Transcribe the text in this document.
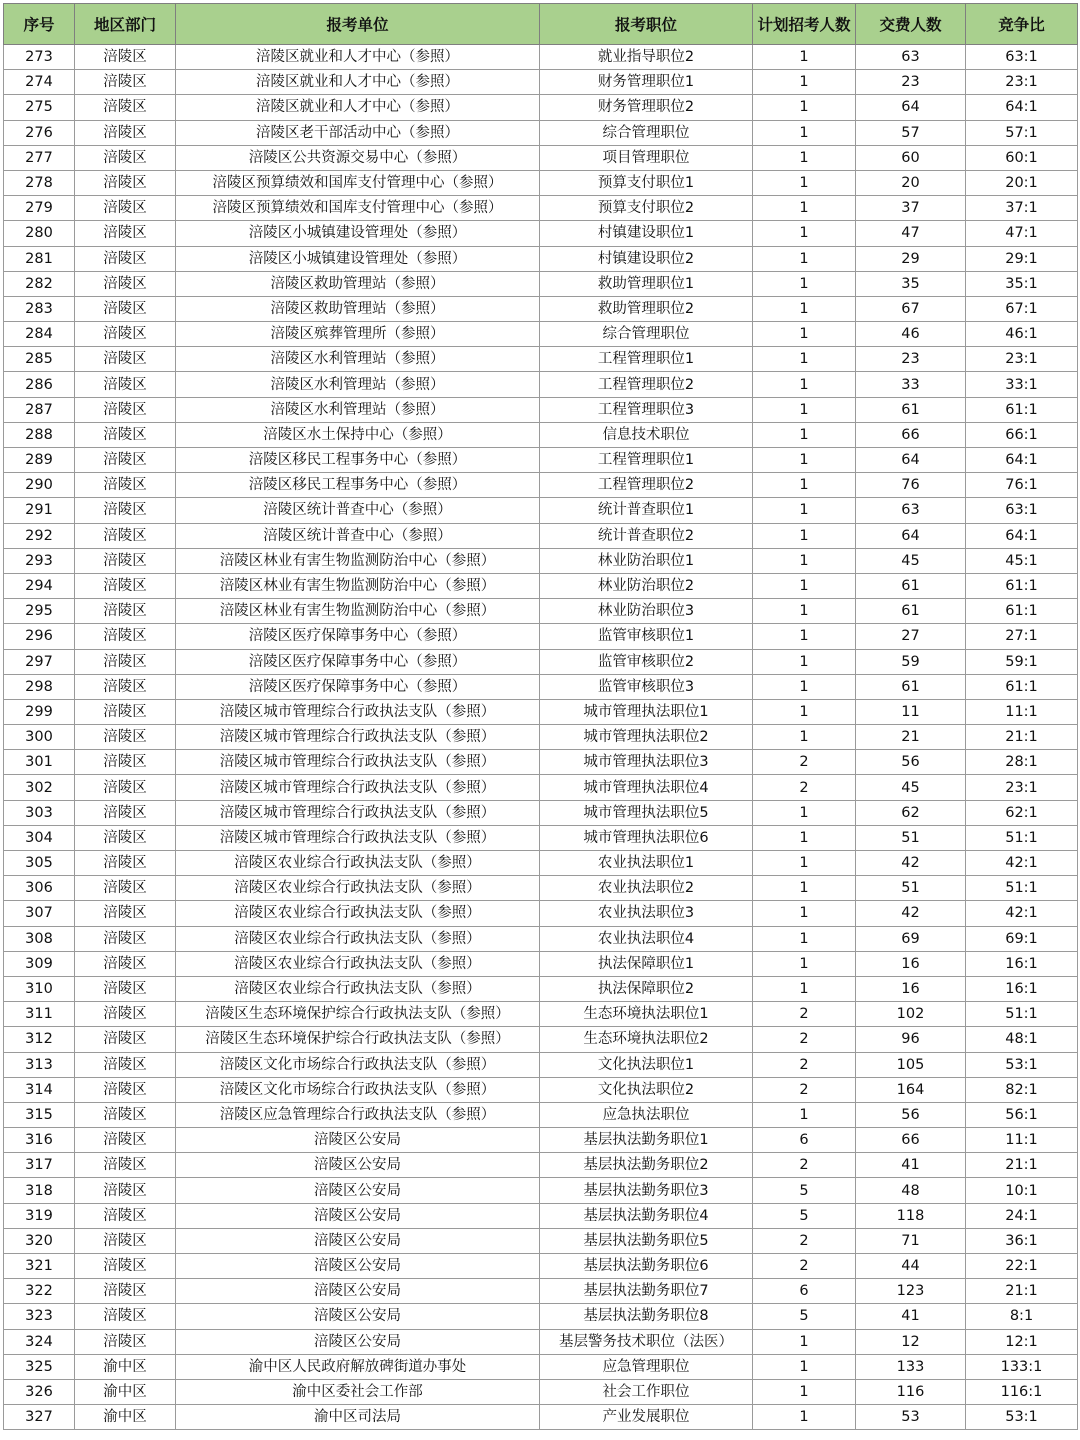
序号	地区部门	报考单位	报考职位	计划招考人数	交费人数	竞争比
273	涪陵区	涪陵区就业和人才中心（参照）	就业指导职位2	1	63	63:1
274	涪陵区	涪陵区就业和人才中心（参照）	财务管理职位1	1	23	23:1
275	涪陵区	涪陵区就业和人才中心（参照）	财务管理职位2	1	64	64:1
276	涪陵区	涪陵区老干部活动中心（参照）	综合管理职位	1	57	57:1
277	涪陵区	涪陵区公共资源交易中心（参照）	项目管理职位	1	60	60:1
278	涪陵区	涪陵区预算绩效和国库支付管理中心（参照）	预算支付职位1	1	20	20:1
279	涪陵区	涪陵区预算绩效和国库支付管理中心（参照）	预算支付职位2	1	37	37:1
280	涪陵区	涪陵区小城镇建设管理处（参照）	村镇建设职位1	1	47	47:1
281	涪陵区	涪陵区小城镇建设管理处（参照）	村镇建设职位2	1	29	29:1
282	涪陵区	涪陵区救助管理站（参照）	救助管理职位1	1	35	35:1
283	涪陵区	涪陵区救助管理站（参照）	救助管理职位2	1	67	67:1
284	涪陵区	涪陵区殡葬管理所（参照）	综合管理职位	1	46	46:1
285	涪陵区	涪陵区水利管理站（参照）	工程管理职位1	1	23	23:1
286	涪陵区	涪陵区水利管理站（参照）	工程管理职位2	1	33	33:1
287	涪陵区	涪陵区水利管理站（参照）	工程管理职位3	1	61	61:1
288	涪陵区	涪陵区水土保持中心（参照）	信息技术职位	1	66	66:1
289	涪陵区	涪陵区移民工程事务中心（参照）	工程管理职位1	1	64	64:1
290	涪陵区	涪陵区移民工程事务中心（参照）	工程管理职位2	1	76	76:1
291	涪陵区	涪陵区统计普查中心（参照）	统计普查职位1	1	63	63:1
292	涪陵区	涪陵区统计普查中心（参照）	统计普查职位2	1	64	64:1
293	涪陵区	涪陵区林业有害生物监测防治中心（参照）	林业防治职位1	1	45	45:1
294	涪陵区	涪陵区林业有害生物监测防治中心（参照）	林业防治职位2	1	61	61:1
295	涪陵区	涪陵区林业有害生物监测防治中心（参照）	林业防治职位3	1	61	61:1
296	涪陵区	涪陵区医疗保障事务中心（参照）	监管审核职位1	1	27	27:1
297	涪陵区	涪陵区医疗保障事务中心（参照）	监管审核职位2	1	59	59:1
298	涪陵区	涪陵区医疗保障事务中心（参照）	监管审核职位3	1	61	61:1
299	涪陵区	涪陵区城市管理综合行政执法支队（参照）	城市管理执法职位1	1	11	11:1
300	涪陵区	涪陵区城市管理综合行政执法支队（参照）	城市管理执法职位2	1	21	21:1
301	涪陵区	涪陵区城市管理综合行政执法支队（参照）	城市管理执法职位3	2	56	28:1
302	涪陵区	涪陵区城市管理综合行政执法支队（参照）	城市管理执法职位4	2	45	23:1
303	涪陵区	涪陵区城市管理综合行政执法支队（参照）	城市管理执法职位5	1	62	62:1
304	涪陵区	涪陵区城市管理综合行政执法支队（参照）	城市管理执法职位6	1	51	51:1
305	涪陵区	涪陵区农业综合行政执法支队（参照）	农业执法职位1	1	42	42:1
306	涪陵区	涪陵区农业综合行政执法支队（参照）	农业执法职位2	1	51	51:1
307	涪陵区	涪陵区农业综合行政执法支队（参照）	农业执法职位3	1	42	42:1
308	涪陵区	涪陵区农业综合行政执法支队（参照）	农业执法职位4	1	69	69:1
309	涪陵区	涪陵区农业综合行政执法支队（参照）	执法保障职位1	1	16	16:1
310	涪陵区	涪陵区农业综合行政执法支队（参照）	执法保障职位2	1	16	16:1
311	涪陵区	涪陵区生态环境保护综合行政执法支队（参照）	生态环境执法职位1	2	102	51:1
312	涪陵区	涪陵区生态环境保护综合行政执法支队（参照）	生态环境执法职位2	2	96	48:1
313	涪陵区	涪陵区文化市场综合行政执法支队（参照）	文化执法职位1	2	105	53:1
314	涪陵区	涪陵区文化市场综合行政执法支队（参照）	文化执法职位2	2	164	82:1
315	涪陵区	涪陵区应急管理综合行政执法支队（参照）	应急执法职位	1	56	56:1
316	涪陵区	涪陵区公安局	基层执法勤务职位1	6	66	11:1
317	涪陵区	涪陵区公安局	基层执法勤务职位2	2	41	21:1
318	涪陵区	涪陵区公安局	基层执法勤务职位3	5	48	10:1
319	涪陵区	涪陵区公安局	基层执法勤务职位4	5	118	24:1
320	涪陵区	涪陵区公安局	基层执法勤务职位5	2	71	36:1
321	涪陵区	涪陵区公安局	基层执法勤务职位6	2	44	22:1
322	涪陵区	涪陵区公安局	基层执法勤务职位7	6	123	21:1
323	涪陵区	涪陵区公安局	基层执法勤务职位8	5	41	8:1
324	涪陵区	涪陵区公安局	基层警务技术职位（法医）	1	12	12:1
325	渝中区	渝中区人民政府解放碑街道办事处	应急管理职位	1	133	133:1
326	渝中区	渝中区委社会工作部	社会工作职位	1	116	116:1
327	渝中区	渝中区司法局	产业发展职位	1	53	53:1
